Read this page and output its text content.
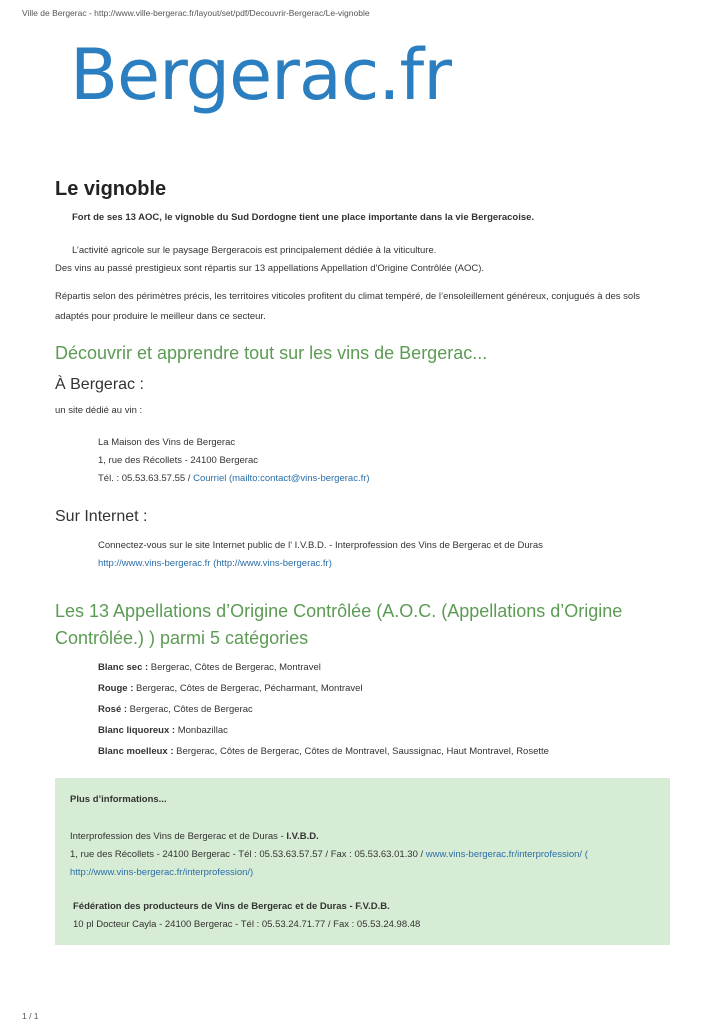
Ville de Bergerac - http://www.ville-bergerac.fr/layout/set/pdf/Decouvrir-Bergerac/Le-vignoble
Bergerac.fr
Le vignoble
Fort de ses 13 AOC, le vignoble du Sud Dordogne tient une place importante dans la vie Bergeracoise.
L’activité agricole sur le paysage Bergeracois est principalement dédiée à la viticulture.
Des vins au passé prestigieux sont répartis sur 13 appellations Appellation d'Origine Contrôlée (AOC).
Répartis selon des périmètres précis, les territoires viticoles profitent du climat tempéré, de l’ensoleillement généreux, conjugués à des sols adaptés pour produire le meilleur dans ce secteur.
Découvrir et apprendre tout sur les vins de Bergerac...
À Bergerac :
un site dédié au vin :
La Maison des Vins de Bergerac
1, rue des Récollets - 24100 Bergerac
Tél. : 05.53.63.57.55 / Courriel (mailto:contact@vins-bergerac.fr)
Sur Internet :
Connectez-vous sur le site Internet public de l' I.V.B.D. - Interprofession des Vins de Bergerac et de Duras
http://www.vins-bergerac.fr (http://www.vins-bergerac.fr)
Les 13 Appellations d’Origine Contrôlée (A.O.C. (Appellations d’Origine Contrôlée.) ) parmi 5 catégories
Blanc sec : Bergerac, Côtes de Bergerac, Montravel
Rouge : Bergerac, Côtes de Bergerac, Pécharmant, Montravel
Rosé : Bergerac, Côtes de Bergerac
Blanc liquoreux : Monbazillac
Blanc moelleux : Bergerac, Côtes de Bergerac, Côtes de Montravel, Saussignac, Haut Montravel, Rosette
Plus d’informations...
Interprofession des Vins de Bergerac et de Duras - I.V.B.D.
1, rue des Récollets - 24100 Bergerac - Tél : 05.53.63.57.57 / Fax : 05.53.63.01.30 / www.vins-bergerac.fr/interprofession/ ( http://www.vins-bergerac.fr/interprofession/)
Fédération des producteurs de Vins de Bergerac et de Duras - F.V.D.B.
10 pl Docteur Cayla - 24100 Bergerac - Tél : 05.53.24.71.77 / Fax : 05.53.24.98.48
1 / 1
